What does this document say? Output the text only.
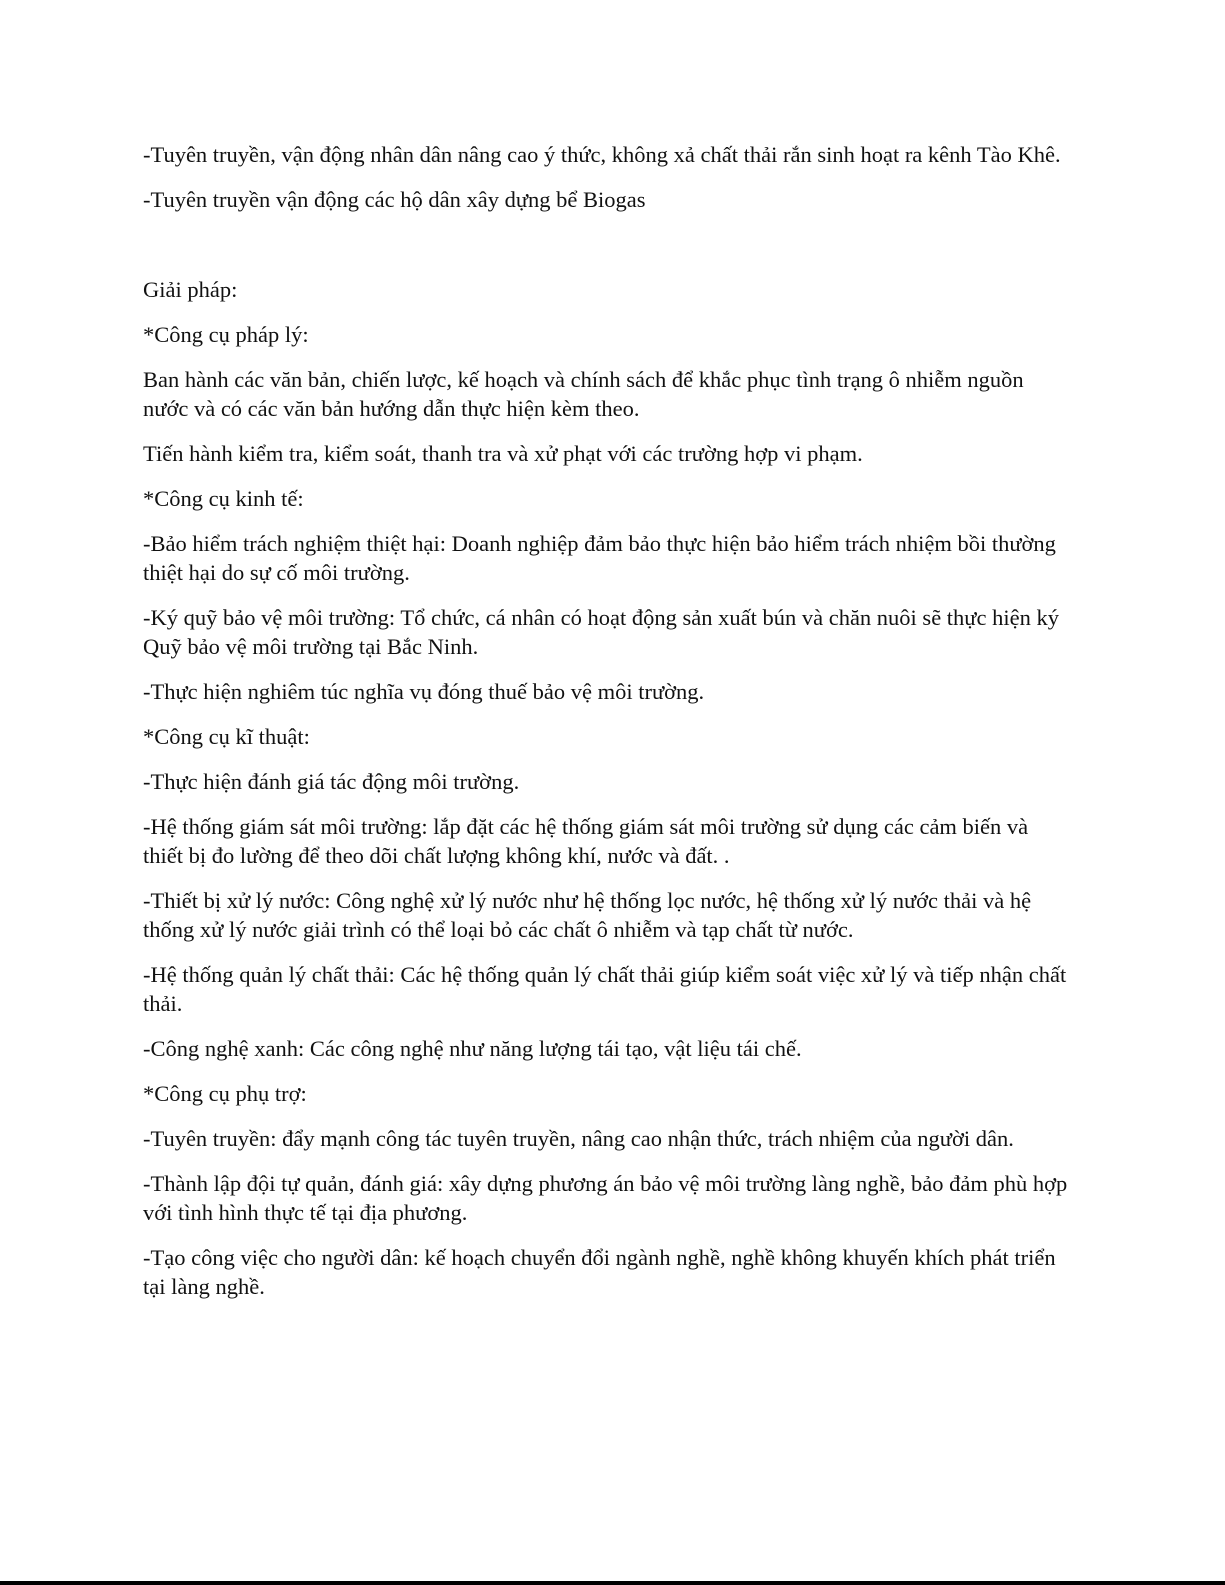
-Tuyên truyền, vận động nhân dân nâng cao ý thức, không xả chất thải rắn sinh hoạt ra kênh Tào Khê.

-Tuyên truyền vận động các hộ dân xây dựng bể Biogas

Giải pháp:

*Công cụ pháp lý:

Ban hành các văn bản, chiến lược, kế hoạch và chính sách để khắc phục tình trạng ô nhiễm nguồn nước và có các văn bản hướng dẫn thực hiện kèm theo.

Tiến hành kiểm tra, kiểm soát, thanh tra và xử phạt với các trường hợp vi phạm.

*Công cụ kinh tế:

-Bảo hiểm trách nghiệm thiệt hại: Doanh nghiệp đảm bảo thực hiện bảo hiểm trách nhiệm bồi thường thiệt hại do sự cố môi trường.

-Ký quỹ bảo vệ môi trường: Tổ chức, cá nhân có hoạt động sản xuất bún và chăn nuôi sẽ thực hiện ký Quỹ bảo vệ môi trường tại Bắc Ninh.

-Thực hiện nghiêm túc nghĩa vụ đóng thuế bảo vệ môi trường.

*Công cụ kĩ thuật:

-Thực hiện đánh giá tác động môi trường.

-Hệ thống giám sát môi trường: lắp đặt các hệ thống giám sát môi trường sử dụng các cảm biến và thiết bị đo lường để theo dõi chất lượng không khí, nước và đất. .

-Thiết bị xử lý nước: Công nghệ xử lý nước như hệ thống lọc nước, hệ thống xử lý nước thải và hệ thống xử lý nước giải trình có thể loại bỏ các chất ô nhiễm và tạp chất từ nước.

-Hệ thống quản lý chất thải: Các hệ thống quản lý chất thải giúp kiểm soát việc xử lý và tiếp nhận chất thải.

-Công nghệ xanh: Các công nghệ như năng lượng tái tạo, vật liệu tái chế.

*Công cụ phụ trợ:

-Tuyên truyền: đẩy mạnh công tác tuyên truyền, nâng cao nhận thức, trách nhiệm của người dân.

-Thành lập đội tự quản, đánh giá: xây dựng phương án bảo vệ môi trường làng nghề, bảo đảm phù hợp với tình hình thực tế tại địa phương.

-Tạo công việc cho người dân: kế hoạch chuyển đổi ngành nghề, nghề không khuyến khích phát triển tại làng nghề.
